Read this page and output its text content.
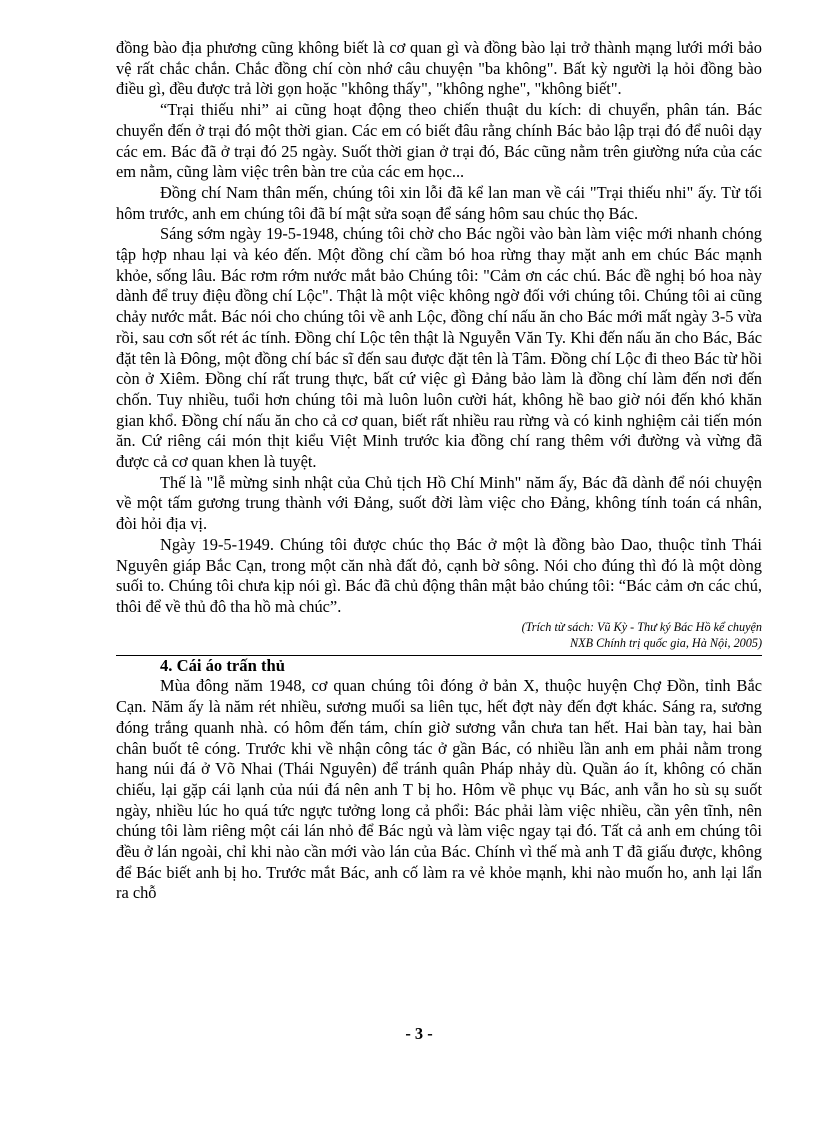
đồng bào địa phương cũng không biết là cơ quan gì và đồng bào lại trở thành mạng lưới mới bảo vệ rất chắc chắn. Chắc đồng chí còn nhớ câu chuyện "ba không". Bất kỳ người lạ hỏi đồng bào điều gì, đều được trả lời gọn hoặc "không thấy", "không nghe", "không biết".

“Trại thiếu nhi” ai cũng hoạt động theo chiến thuật du kích: di chuyển, phân tán. Bác chuyển đến ở trại đó một thời gian. Các em có biết đâu rằng chính Bác bảo lập trại đó để nuôi dạy các em. Bác đã ở trại đó 25 ngày. Suốt thời gian ở trại đó, Bác cũng nằm trên giường nứa của các em nằm, cũng làm việc trên bàn tre của các em học...

Đồng chí Nam thân mến, chúng tôi xin lỗi đã kể lan man về cái "Trại thiếu nhi" ấy. Từ tối hôm trước, anh em chúng tôi đã bí mật sửa soạn để sáng hôm sau chúc thọ Bác.

Sáng sớm ngày 19-5-1948, chúng tôi chờ cho Bác ngồi vào bàn làm việc mới nhanh chóng tập hợp nhau lại và kéo đến. Một đồng chí cầm bó hoa rừng thay mặt anh em chúc Bác mạnh khỏe, sống lâu. Bác rơm rớm nước mắt bảo Chúng tôi: "Cảm ơn các chú. Bác đề nghị bó hoa này dành để truy điệu đồng chí Lộc". Thật là một việc không ngờ đối với chúng tôi. Chúng tôi ai cũng chảy nước mắt. Bác nói cho chúng tôi về anh Lộc, đồng chí nấu ăn cho Bác mới mất ngày 3-5 vừa rồi, sau cơn sốt rét ác tính. Đồng chí Lộc tên thật là Nguyễn Văn Ty. Khi đến nấu ăn cho Bác, Bác đặt tên là Đông, một đồng chí bác sĩ đến sau được đặt tên là Tâm. Đồng chí Lộc đi theo Bác từ hồi còn ở Xiêm. Đồng chí rất trung thực, bất cứ việc gì Đảng bảo làm là đồng chí làm đến nơi đến chốn. Tuy nhiều, tuổi hơn chúng tôi mà luôn luôn cười hát, không hề bao giờ nói đến khó khăn gian khổ. Đồng chí nấu ăn cho cả cơ quan, biết rất nhiều rau rừng và có kinh nghiệm cải tiến món ăn. Cứ riêng cái món thịt kiểu Việt Minh trước kia đồng chí rang thêm với đường và vừng đã được cả cơ quan khen là tuyệt.

Thế là "lễ mừng sinh nhật của Chủ tịch Hồ Chí Minh" năm ấy, Bác đã dành để nói chuyện về một tấm gương trung thành với Đảng, suốt đời làm việc cho Đảng, không tính toán cá nhân, đòi hỏi địa vị.

Ngày 19-5-1949. Chúng tôi được chúc thọ Bác ở một là đồng bào Dao, thuộc tỉnh Thái Nguyên giáp Bắc Cạn, trong một căn nhà đất đỏ, cạnh bờ sông. Nói cho đúng thì đó là một dòng suối to. Chúng tôi chưa kịp nói gì. Bác đã chủ động thân mật bảo chúng tôi: “Bác cảm ơn các chú, thôi để về thủ đô tha hồ mà chúc”.

(Trích từ sách: Vũ Kỳ - Thư ký Bác Hồ kể chuyện
NXB Chính trị quốc gia, Hà Nội, 2005)
4. Cái áo trấn thủ

Mùa đông năm 1948, cơ quan chúng tôi đóng ở bản X, thuộc huyện Chợ Đồn, tỉnh Bắc Cạn. Năm ấy là năm rét nhiều, sương muối sa liên tục, hết đợt này đến đợt khác. Sáng ra, sương đóng trắng quanh nhà. có hôm đến tám, chín giờ sương vẫn chưa tan hết. Hai bàn tay, hai bàn chân buốt tê cóng. Trước khi về nhận công tác ở gần Bác, có nhiều lần anh em phải nằm trong hang núi đá ở Võ Nhai (Thái Nguyên) để tránh quân Pháp nhảy dù. Quần áo ít, không có chăn chiếu, lại gặp cái lạnh của núi đá nên anh T bị ho. Hôm về phục vụ Bác, anh vẫn ho sù sụ suốt ngày, nhiều lúc ho quá tức ngực tưởng long cả phổi: Bác phải làm việc nhiều, cần yên tĩnh, nên chúng tôi làm riêng một cái lán nhỏ để Bác ngủ và làm việc ngay tại đó. Tất cả anh em chúng tôi đều ở lán ngoài, chỉ khi nào cần mới vào lán của Bác. Chính vì thế mà anh T đã giấu được, không để Bác biết anh bị ho. Trước mắt Bác, anh cố làm ra vẻ khỏe mạnh, khi nào muốn ho, anh lại lẩn ra chỗ

- 3 -
